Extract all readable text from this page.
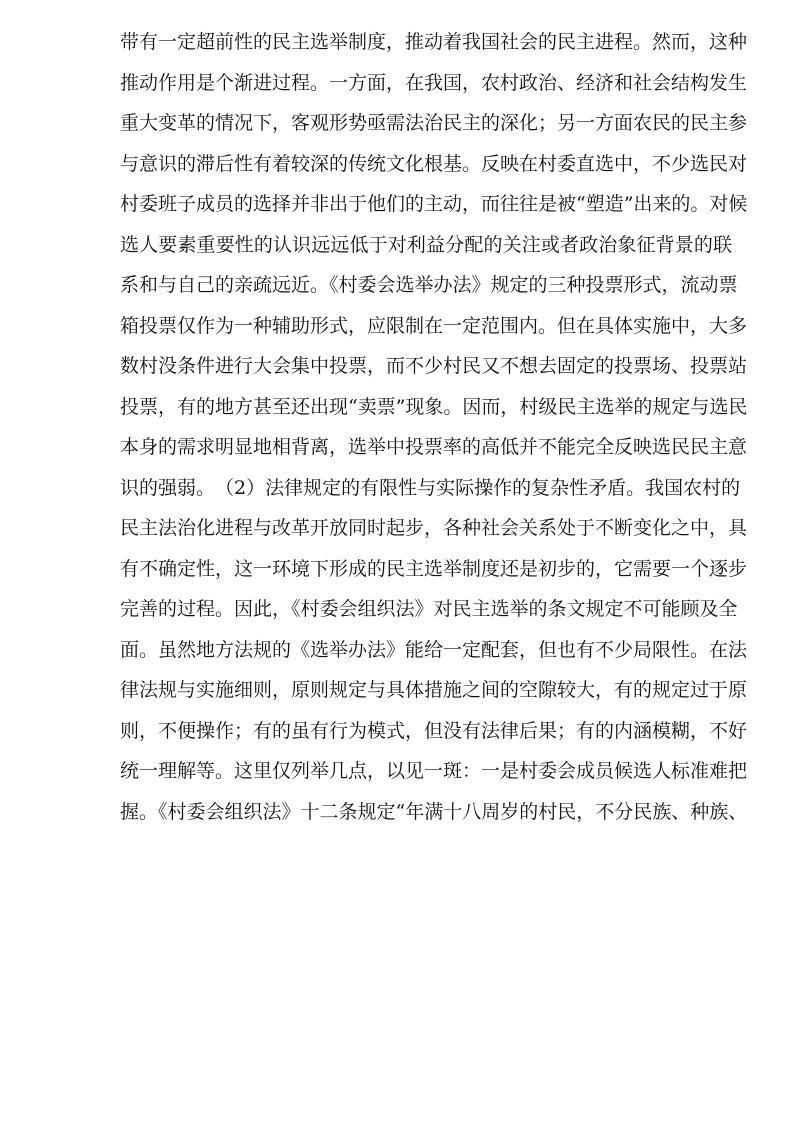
带有一定超前性的民主选举制度，推动着我国社会的民主进程。然而，这种
推动作用是个渐进过程。一方面，在我国，农村政治、经济和社会结构发生
重大变革的情况下，客观形势亟需法治民主的深化；另一方面农民的民主参
与意识的滞后性有着较深的传统文化根基。反映在村委直选中，不少选民对
村委班子成员的选择并非出于他们的主动，而往往是被“塑造”出来的。对候
选人要素重要性的认识远远低于对利益分配的关注或者政治象征背景的联
系和与自己的亲疏远近。《村委会选举办法》规定的三种投票形式，流动票
箱投票仅作为一种辅助形式，应限制在一定范围内。但在具体实施中，大多
数村没条件进行大会集中投票，而不少村民又不想去固定的投票场、投票站
投票，有的地方甚至还出现“卖票”现象。因而，村级民主选举的规定与选民
本身的需求明显地相背离，选举中投票率的高低并不能完全反映选民民主意
识的强弱。　（2）法律规定的有限性与实际操作的复杂性矛盾。我国农村的
民主法治化进程与改革开放同时起步，各种社会关系处于不断变化之中，具
有不确定性，这一环境下形成的民主选举制度还是初步的，它需要一个逐步
完善的过程。因此，《村委会组织法》对民主选举的条文规定不可能顾及全
面。虽然地方法规的《选举办法》能给一定配套，但也有不少局限性。在法
律法规与实施细则，原则规定与具体措施之间的空隙较大，有的规定过于原
则，不便操作；有的虽有行为模式，但没有法律后果；有的内涵模糊，不好
统一理解等。这里仅列举几点，以见一斑：一是村委会成员候选人标准难把
握。《村委会组织法》十二条规定“年满十八周岁的村民，不分民族、种族、
